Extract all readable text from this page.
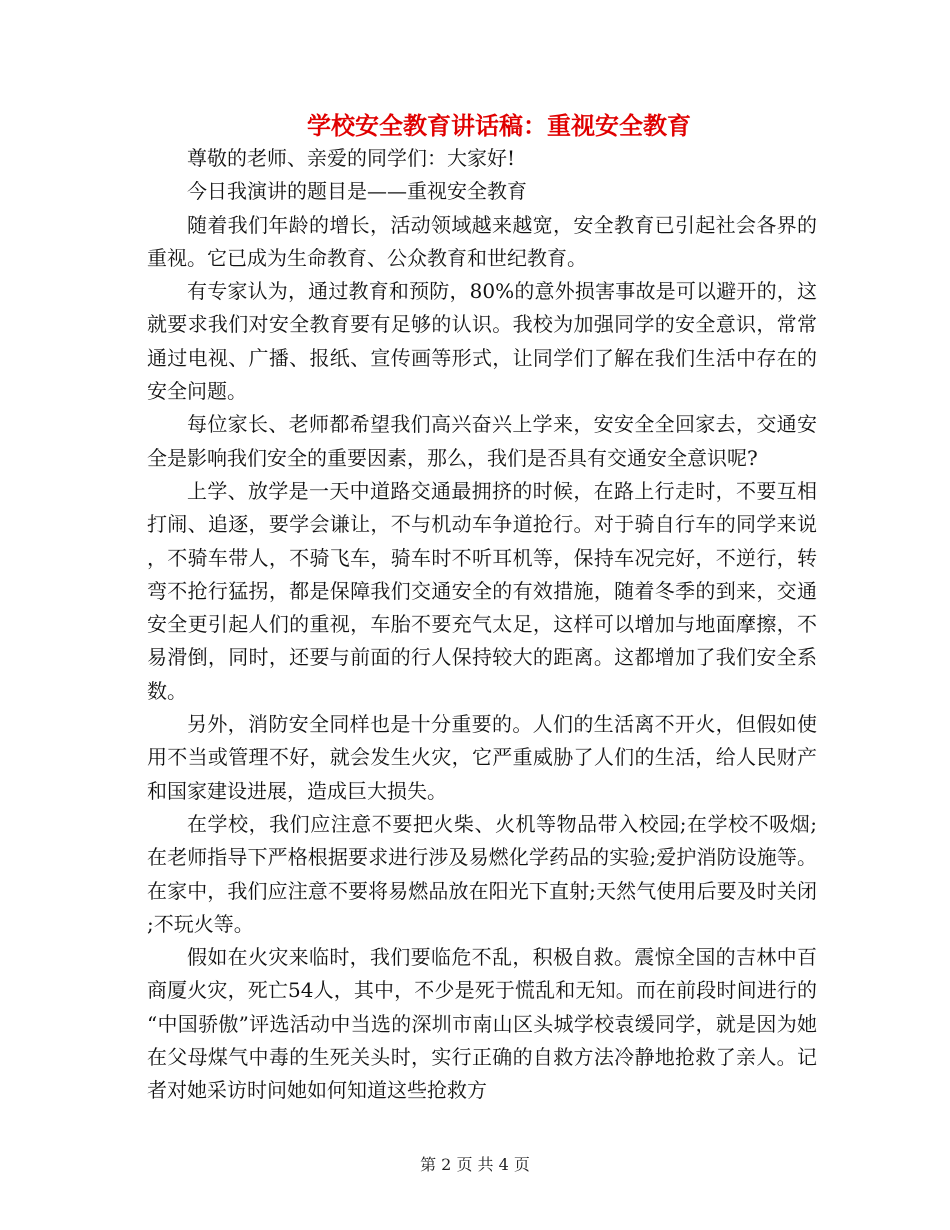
学校安全教育讲话稿：重视安全教育

尊敬的老师、亲爱的同学们：大家好!

今日我演讲的题目是——重视安全教育

随着我们年龄的增长，活动领域越来越宽，安全教育已引起社会各界的重视。它已成为生命教育、公众教育和世纪教育。

有专家认为，通过教育和预防，80%的意外损害事故是可以避开的，这就要求我们对安全教育要有足够的认识。我校为加强同学的安全意识，常常通过电视、广播、报纸、宣传画等形式，让同学们了解在我们生活中存在的安全问题。

每位家长、老师都希望我们高兴奋兴上学来，安安全全回家去，交通安全是影响我们安全的重要因素，那么，我们是否具有交通安全意识呢?

上学、放学是一天中道路交通最拥挤的时候，在路上行走时，不要互相打闹、追逐，要学会谦让，不与机动车争道抢行。对于骑自行车的同学来说，不骑车带人，不骑飞车，骑车时不听耳机等，保持车况完好，不逆行，转弯不抢行猛拐，都是保障我们交通安全的有效措施，随着冬季的到来，交通安全更引起人们的重视，车胎不要充气太足，这样可以增加与地面摩擦，不易滑倒，同时，还要与前面的行人保持较大的距离。这都增加了我们安全系数。

另外，消防安全同样也是十分重要的。人们的生活离不开火，但假如使用不当或管理不好，就会发生火灾，它严重威胁了人们的生活，给人民财产和国家建设进展，造成巨大损失。

在学校，我们应注意不要把火柴、火机等物品带入校园;在学校不吸烟;在老师指导下严格根据要求进行涉及易燃化学药品的实验;爱护消防设施等。在家中，我们应注意不要将易燃品放在阳光下直射;天然气使用后要及时关闭;不玩火等。

假如在火灾来临时，我们要临危不乱，积极自救。震惊全国的吉林中百商厦火灾，死亡54人，其中，不少是死于慌乱和无知。而在前段时间进行的 “中国骄傲”评选活动中当选的深圳市南山区头城学校袁缓同学，就是因为她在父母煤气中毒的生死关头时，实行正确的自救方法冷静地抢救了亲人。记者对她采访时问她如何知道这些抢救方

第 2 页 共 4 页
